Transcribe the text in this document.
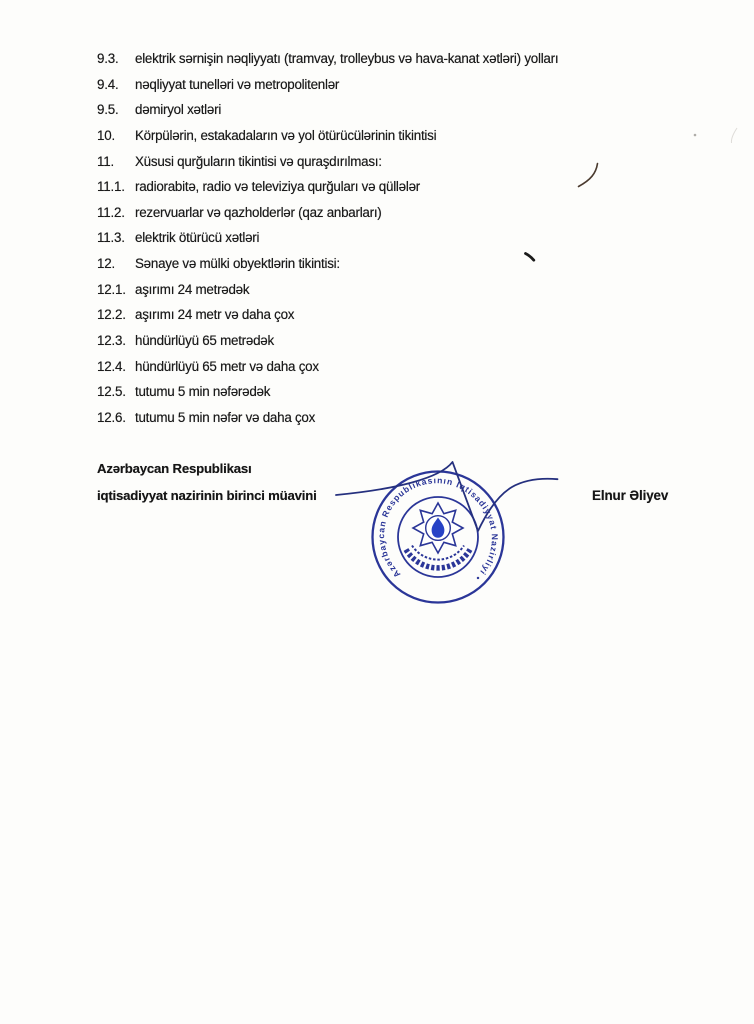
9.3.	elektrik sərnişin nəqliyyatı (tramvay, trolleybus və hava-kanat xətləri) yolları
9.4.	nəqliyyat tunelləri və metropolitenlər
9.5.	dəmiryol xətləri
10.	Körpülərin, estakadaların və yol ötürücülərinin tikintisi
11.	Xüsusi qurğuların tikintisi və quraşdırılması:
11.1. radiorabitə, radio və televiziya qurğuları və qüllələr
11.2. rezervuarlar və qazholderlər (qaz anbarları)
11.3. elektrik ötürücü xətləri
12.	Sənaye və mülki obyektlərin tikintisi:
12.1. aşırımı 24 metrədək
12.2. aşırımı 24 metr və daha çox
12.3. hündürlüyü 65 metrədək
12.4. hündürlüyü 65 metr və daha çox
12.5. tutumu 5 min nəfərədək
12.6. tutumu 5 min nəfər və daha çox
Azərbaycan Respublikası
iqtisadiyyat nazirinin birinci müavini	Elnur Əliyev
Azərbaycan Respublikasının İqtisadiyyat Nazirliyi •
